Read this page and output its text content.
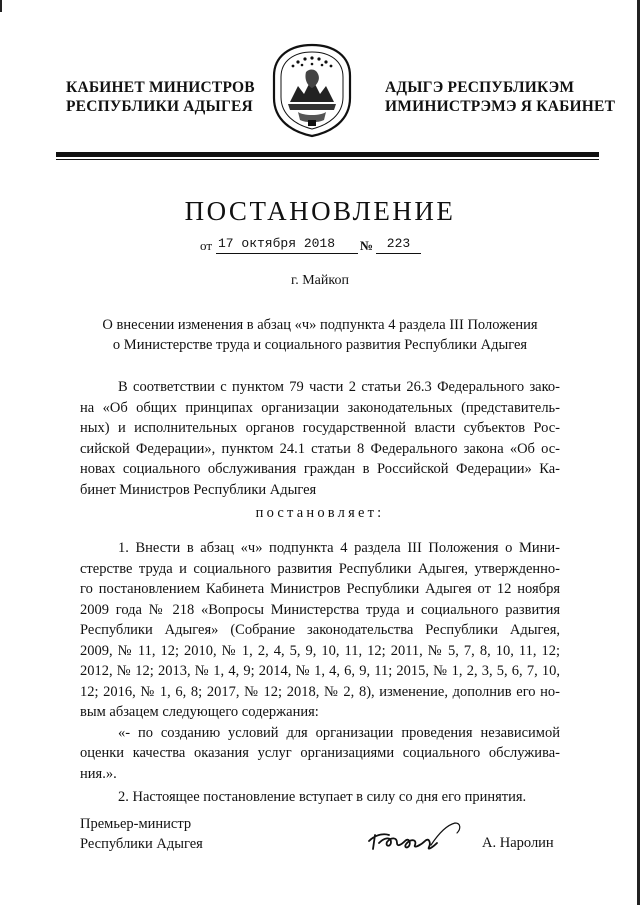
КАБИНЕТ МИНИСТРОВ
РЕСПУБЛИКИ АДЫГЕЯ
АДЫГЭ РЕСПУБЛИКЭМ
ИМИНИСТРЭМЭ Я КАБИНЕТ
ПОСТАНОВЛЕНИЕ
от 17 октября 2018	№	223
г. Майкоп
О внесении изменения в абзац «ч» подпункта 4 раздела III Положения
о Министерстве труда и социального развития Республики Адыгея
В соответствии с пунктом 79 части 2 статьи 26.3 Федерального зако-
на «Об общих принципах организации законодательных (представитель-
ных) и исполнительных органов государственной власти субъектов Рос-
сийской Федерации», пунктом 24.1 статьи 8 Федерального закона «Об ос-
новах социального обслуживания граждан в Российской Федерации» Ка-
бинет Министров Республики Адыгея
постановляет:
1. Внести в абзац «ч» подпункта 4 раздела III Положения о Мини-
стерстве труда и социального развития Республики Адыгея, утвержденно-
го постановлением Кабинета Министров Республики Адыгея от 12 ноября
2009 года № 218 «Вопросы Министерства труда и социального развития
Республики Адыгея» (Собрание законодательства Республики Адыгея,
2009, № 11, 12; 2010, № 1, 2, 4, 5, 9, 10, 11, 12; 2011, № 5, 7, 8, 10, 11, 12;
2012, № 12; 2013, № 1, 4, 9; 2014, № 1, 4, 6, 9, 11; 2015, № 1, 2, 3, 5, 6, 7, 10,
12; 2016, № 1, 6, 8; 2017, № 12; 2018, № 2, 8), изменение, дополнив его но-
вым абзацем следующего содержания:
«- по созданию условий для организации проведения независимой
оценки качества оказания услуг организациями социального обслужива-
ния.».
2. Настоящее постановление вступает в силу со дня его принятия.
Премьер-министр
Республики Адыгея	А. Наролин
